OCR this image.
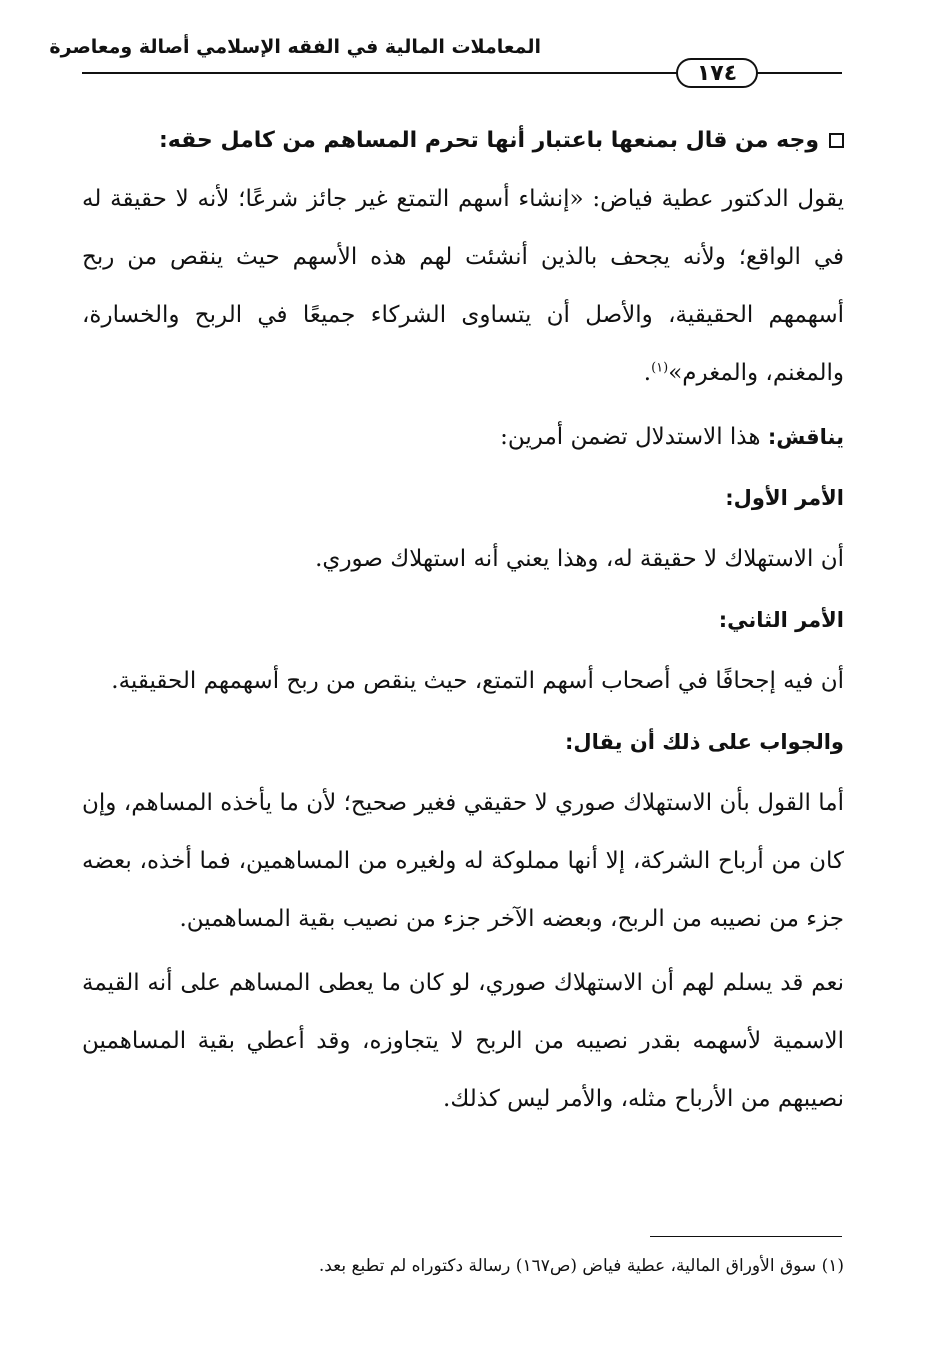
المعاملات المالية في الفقه الإسلامي أصالة ومعاصرة
١٧٤

وجه من قال بمنعها باعتبار أنها تحرم المساهم من كامل حقه:

يقول الدكتور عطية فياض: «إنشاء أسهم التمتع غير جائز شرعًا؛ لأنه لا حقيقة له في الواقع؛ ولأنه يجحف بالذين أنشئت لهم هذه الأسهم حيث ينقص من ربح أسهمهم الحقيقية، والأصل أن يتساوى الشركاء جميعًا في الربح والخسارة، والمغنم، والمغرم»$^{(١)}$.

يناقش: هذا الاستدلال تضمن أمرين:

الأمر الأول:

أن الاستهلاك لا حقيقة له، وهذا يعني أنه استهلاك صوري.

الأمر الثاني:

أن فيه إجحافًا في أصحاب أسهم التمتع، حيث ينقص من ربح أسهمهم الحقيقية.

والجواب على ذلك أن يقال:

أما القول بأن الاستهلاك صوري لا حقيقي فغير صحيح؛ لأن ما يأخذه المساهم، وإن كان من أرباح الشركة، إلا أنها مملوكة له ولغيره من المساهمين، فما أخذه، بعضه جزء من نصيبه من الربح، وبعضه الآخر جزء من نصيب بقية المساهمين.

نعم قد يسلم لهم أن الاستهلاك صوري، لو كان ما يعطى المساهم على أنه القيمة الاسمية لأسهمه بقدر نصيبه من الربح لا يتجاوزه، وقد أعطي بقية المساهمين نصيبهم من الأرباح مثله، والأمر ليس كذلك.

(١) سوق الأوراق المالية، عطية فياض (ص١٦٧) رسالة دكتوراه لم تطبع بعد.
